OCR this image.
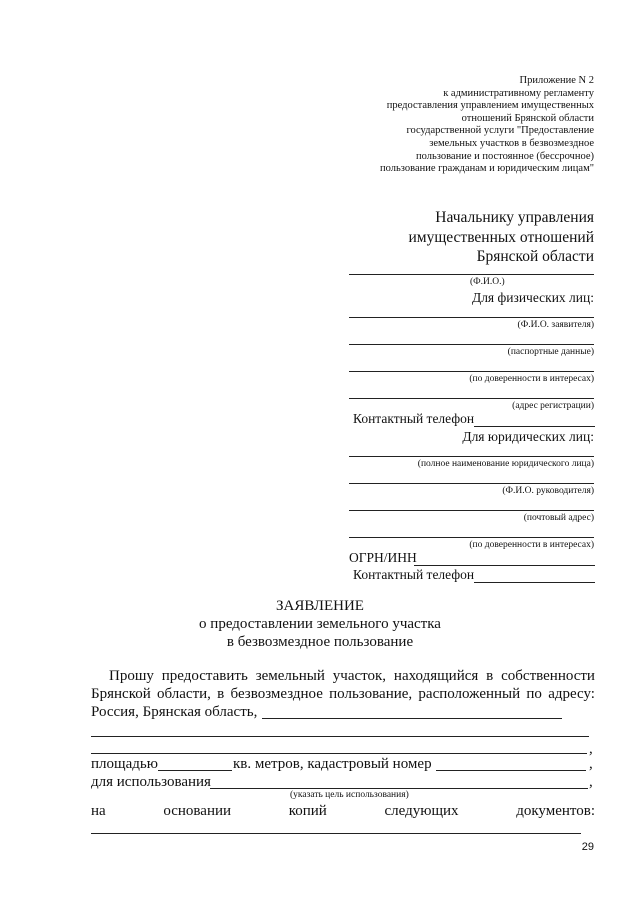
Приложение N 2
к административному регламенту
предоставления управлением имущественных
отношений Брянской области
государственной услуги "Предоставление
земельных участков в безвозмездное
пользование и постоянное (бессрочное)
пользование гражданам и юридическим лицам"
Начальнику управления
имущественных отношений
Брянской области
(Ф.И.О.)
Для физических лиц:
(Ф.И.О. заявителя)
(паспортные данные)
(по доверенности в интересах)
(адрес регистрации)
Контактный телефон
Для юридических лиц:
(полное наименование юридического лица)
(Ф.И.О. руководителя)
(почтовый адрес)
(по доверенности в интересах)
ОГРН/ИНН
Контактный телефон
ЗАЯВЛЕНИЕ
о предоставлении земельного участка
в безвозмездное пользование
Прошу предоставить земельный участок, находящийся в собственности
Брянской области, в безвозмездное пользование, расположенный по адресу:
Россия, Брянская область,
,
площадью	кв. метров, кадастровый номер	,
для использования	,
(указать цель использования)
на	основании	копий	следующих	документов:
29
